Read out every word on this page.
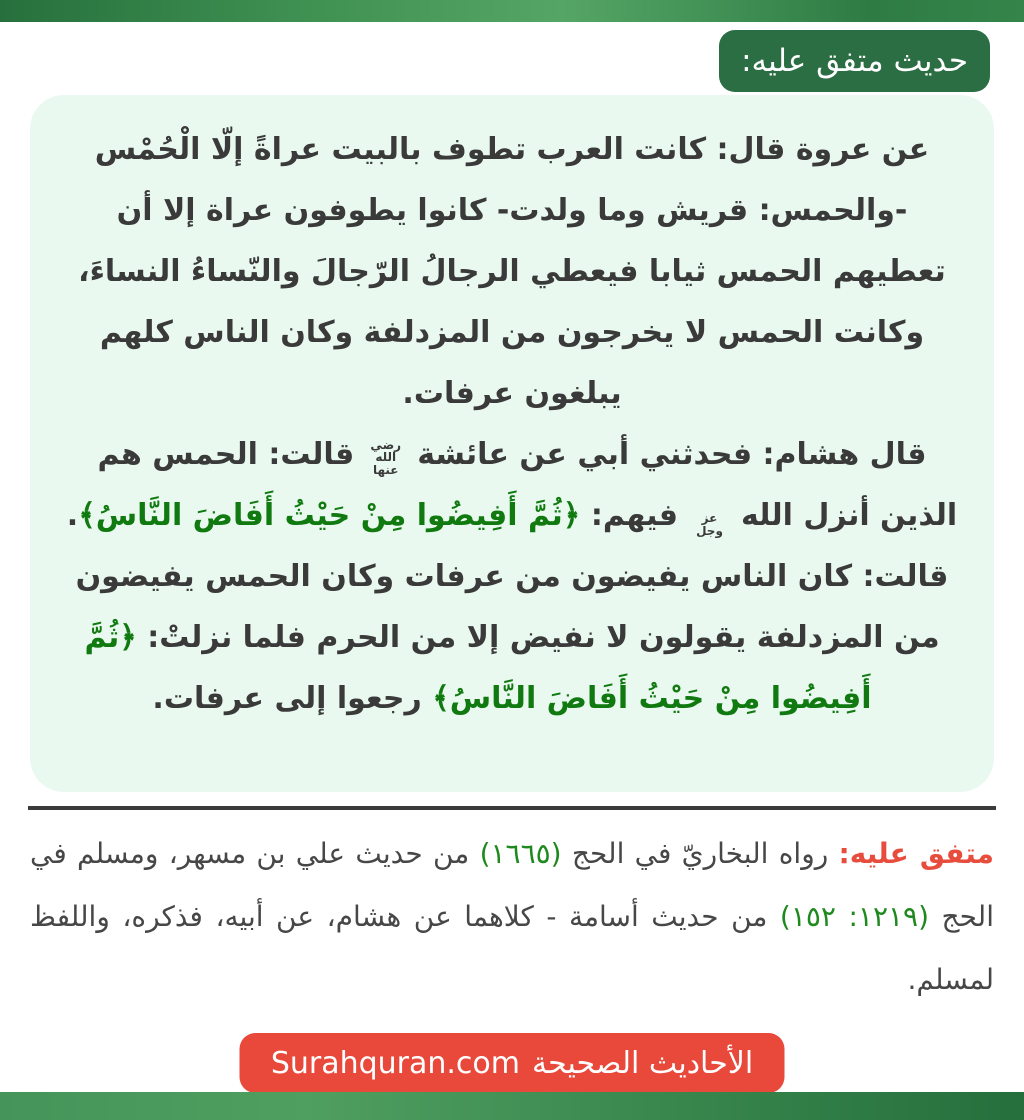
حديث متفق عليه:

عن عروة قال: كانت العرب تطوف بالبيت عراةً إلّا الْحُمْس -والحمس: قريش وما ولدت- كانوا يطوفون عراة إلا أن تعطيهم الحمس ثيابا فيعطي الرجالُ الرّجالَ والنّساءُ النساءَ، وكانت الحمس لا يخرجون من المزدلفة وكان الناس كلهم يبلغون عرفات.
قال هشام: فحدثني أبي عن عائشة رضي الله عنها قالت: الحمس هم الذين أنزل الله عز وجل فيهم: ﴿ثُمَّ أَفِيضُوا مِنْ حَيْثُ أَفَاضَ النَّاسُ﴾. قالت: كان الناس يفيضون من عرفات وكان الحمس يفيضون من المزدلفة يقولون لا نفيض إلا من الحرم فلما نزلتْ: ﴿ثُمَّ أَفِيضُوا مِنْ حَيْثُ أَفَاضَ النَّاسُ﴾ رجعوا إلى عرفات.

متفق عليه: رواه البخاريّ في الحج (١٦٦٥) من حديث علي بن مسهر، ومسلم في الحج (١٢١٩: ١٥٢) من حديث أسامة - كلاهما عن هشام، عن أبيه، فذكره، واللفظ لمسلم.

الأحاديث الصحيحة
Surahquran.com
